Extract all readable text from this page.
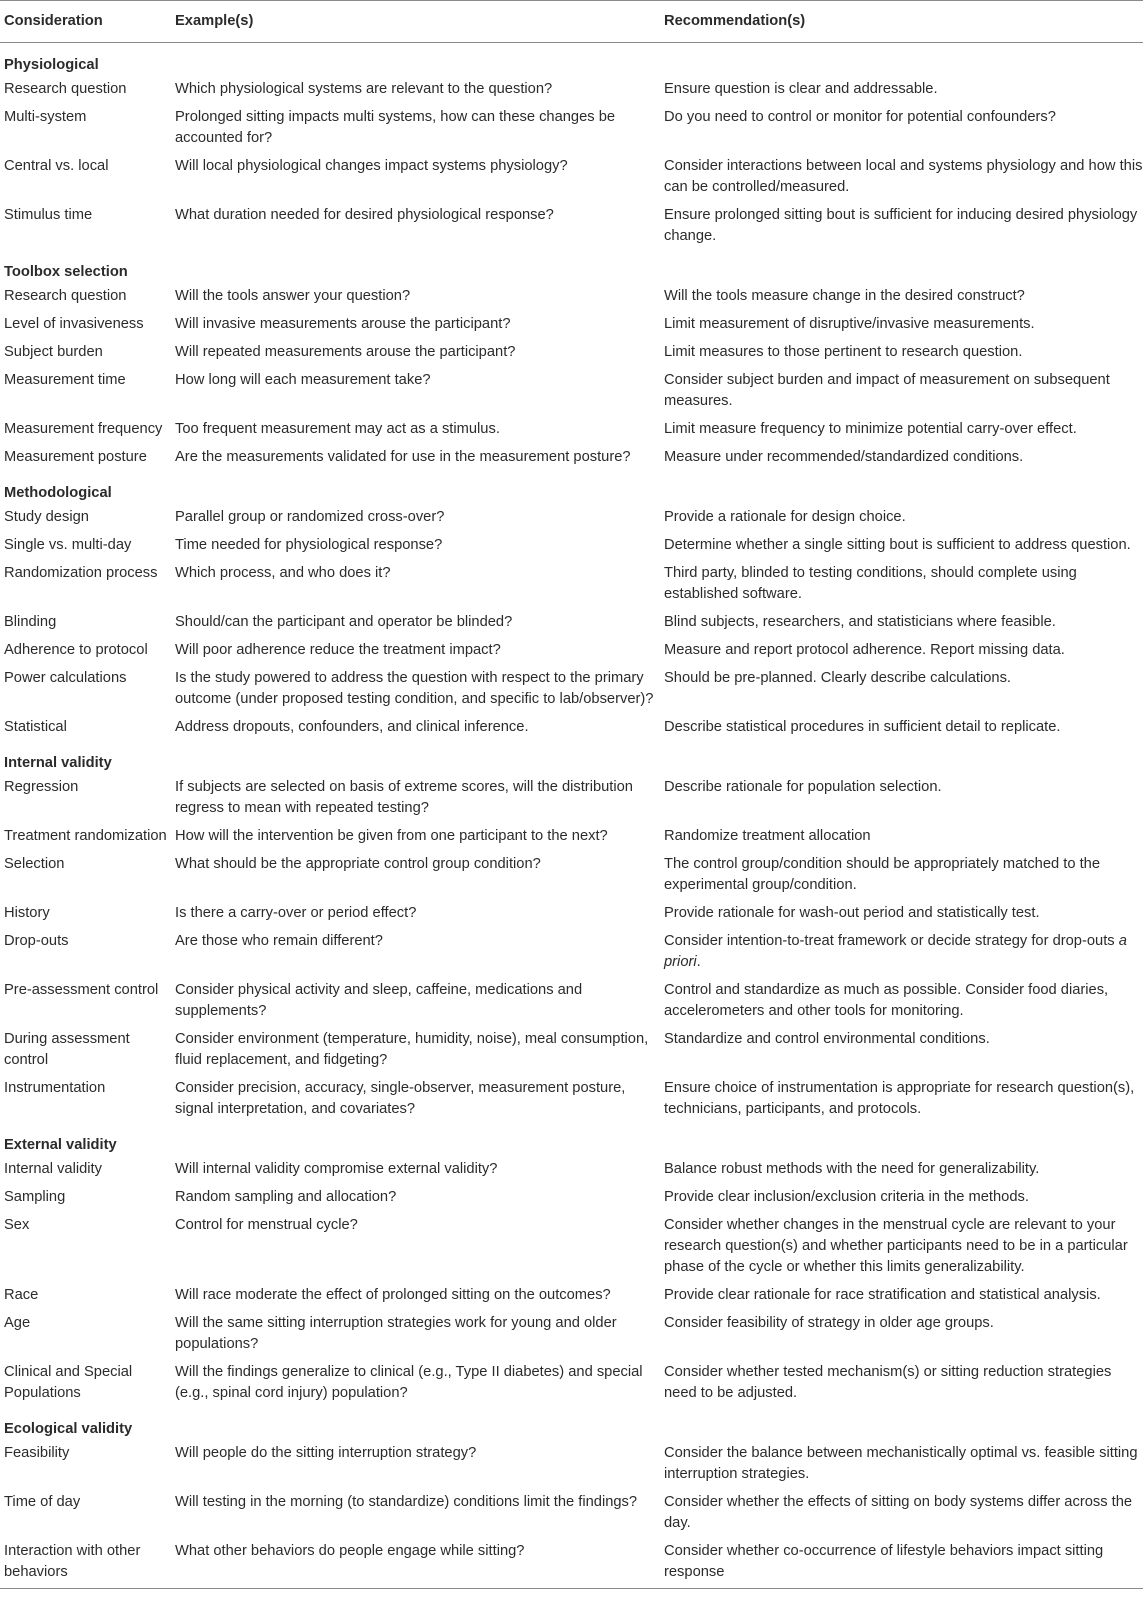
Consideration	Example(s)	Recommendation(s)
Physiological		
Research question	Which physiological systems are relevant to the question?	Ensure question is clear and addressable.
Multi-system	Prolonged sitting impacts multi systems, how can these changes be accounted for?	Do you need to control or monitor for potential confounders?
Central vs. local	Will local physiological changes impact systems physiology?	Consider interactions between local and systems physiology and how this can be controlled/measured.
Stimulus time	What duration needed for desired physiological response?	Ensure prolonged sitting bout is sufficient for inducing desired physiology change.
Toolbox selection		
Research question	Will the tools answer your question?	Will the tools measure change in the desired construct?
Level of invasiveness	Will invasive measurements arouse the participant?	Limit measurement of disruptive/invasive measurements.
Subject burden	Will repeated measurements arouse the participant?	Limit measures to those pertinent to research question.
Measurement time	How long will each measurement take?	Consider subject burden and impact of measurement on subsequent measures.
Measurement frequency	Too frequent measurement may act as a stimulus.	Limit measure frequency to minimize potential carry-over effect.
Measurement posture	Are the measurements validated for use in the measurement posture?	Measure under recommended/standardized conditions.
Methodological		
Study design	Parallel group or randomized cross-over?	Provide a rationale for design choice.
Single vs. multi-day	Time needed for physiological response?	Determine whether a single sitting bout is sufficient to address question.
Randomization process	Which process, and who does it?	Third party, blinded to testing conditions, should complete using established software.
Blinding	Should/can the participant and operator be blinded?	Blind subjects, researchers, and statisticians where feasible.
Adherence to protocol	Will poor adherence reduce the treatment impact?	Measure and report protocol adherence. Report missing data.
Power calculations	Is the study powered to address the question with respect to the primary outcome (under proposed testing condition, and specific to lab/observer)?	Should be pre-planned. Clearly describe calculations.
Statistical	Address dropouts, confounders, and clinical inference.	Describe statistical procedures in sufficient detail to replicate.
Internal validity		
Regression	If subjects are selected on basis of extreme scores, will the distribution regress to mean with repeated testing?	Describe rationale for population selection.
Treatment randomization	How will the intervention be given from one participant to the next?	Randomize treatment allocation
Selection	What should be the appropriate control group condition?	The control group/condition should be appropriately matched to the experimental group/condition.
History	Is there a carry-over or period effect?	Provide rationale for wash-out period and statistically test.
Drop-outs	Are those who remain different?	Consider intention-to-treat framework or decide strategy for drop-outs a priori.
Pre-assessment control	Consider physical activity and sleep, caffeine, medications and supplements?	Control and standardize as much as possible. Consider food diaries, accelerometers and other tools for monitoring.
During assessment control	Consider environment (temperature, humidity, noise), meal consumption, fluid replacement, and fidgeting?	Standardize and control environmental conditions.
Instrumentation	Consider precision, accuracy, single-observer, measurement posture, signal interpretation, and covariates?	Ensure choice of instrumentation is appropriate for research question(s), technicians, participants, and protocols.
External validity		
Internal validity	Will internal validity compromise external validity?	Balance robust methods with the need for generalizability.
Sampling	Random sampling and allocation?	Provide clear inclusion/exclusion criteria in the methods.
Sex	Control for menstrual cycle?	Consider whether changes in the menstrual cycle are relevant to your research question(s) and whether participants need to be in a particular phase of the cycle or whether this limits generalizability.
Race	Will race moderate the effect of prolonged sitting on the outcomes?	Provide clear rationale for race stratification and statistical analysis.
Age	Will the same sitting interruption strategies work for young and older populations?	Consider feasibility of strategy in older age groups.
Clinical and Special Populations	Will the findings generalize to clinical (e.g., Type II diabetes) and special (e.g., spinal cord injury) population?	Consider whether tested mechanism(s) or sitting reduction strategies need to be adjusted.
Ecological validity		
Feasibility	Will people do the sitting interruption strategy?	Consider the balance between mechanistically optimal vs. feasible sitting interruption strategies.
Time of day	Will testing in the morning (to standardize) conditions limit the findings?	Consider whether the effects of sitting on body systems differ across the day.
Interaction with other behaviors	What other behaviors do people engage while sitting?	Consider whether co-occurrence of lifestyle behaviors impact sitting response
